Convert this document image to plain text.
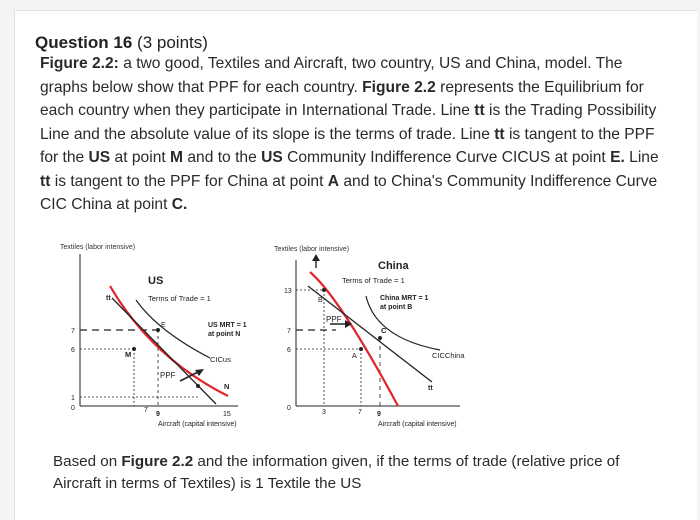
Question 16 (3 points)
Figure 2.2: a two good, Textiles and Aircraft, two country, US and China, model. The graphs below show that PPF for each country. Figure 2.2 represents the Equilibrium for each country when they participate in International Trade. Line tt is the Trading Possibility Line and the absolute value of its slope is the terms of trade. Line tt is tangent to the PPF for the US at point M and to the US Community Indifference Curve CICUS at point E. Line tt is tangent to the PPF for China at point A and to China's Community Indifference Curve CIC China at point C.
Textiles (labor intensive)
US
Terms of Trade = 1
US MRT = 1
at point N
tt
CICus
PPF
E
M
N
7
6
1
0	7
9	15
Aircraft (capital intensive)
Textiles (labor intensive)
China
Terms of Trade = 1
China MRT = 1
at point B
tt
CICChina
PPF
A
B
C
13
7
6
0
3	7 9
Aircraft (capital intensive)
Based on Figure 2.2 and the information given, if the terms of trade (relative price of Aircraft in terms of Textiles) is 1 Textile the US
